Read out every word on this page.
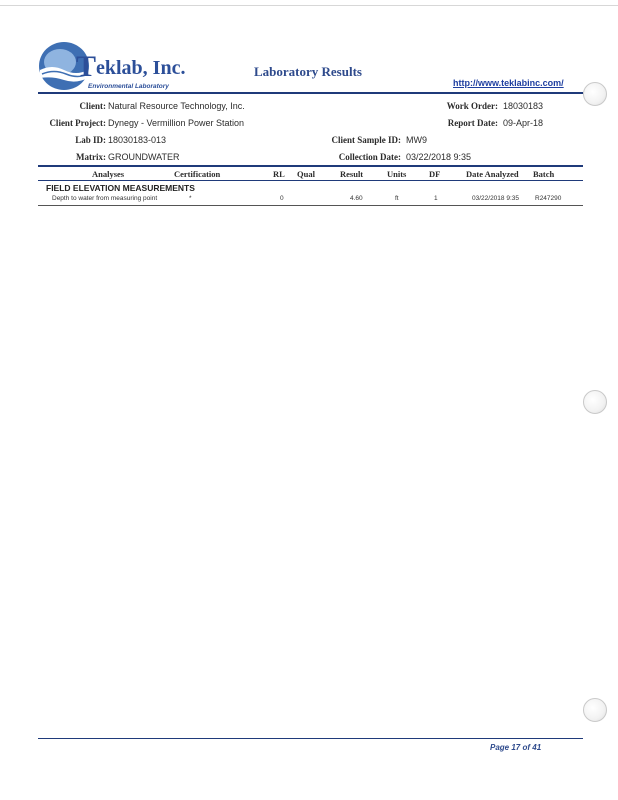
T eklab, Inc.
Environmental Laboratory
Laboratory Results
http://www.teklabinc.com/
Client: Natural Resource Technology, Inc.
Client Project: Dynegy - Vermillion Power Station
Lab ID: 18030183-013
Matrix: GROUNDWATER
Work Order: 18030183
Report Date: 09-Apr-18
Client Sample ID: MW9
Collection Date: 03/22/2018 9:35
Analyses	Certification	RL Qual	Result	Units	DF	Date Analyzed Batch
FIELD ELEVATION MEASUREMENTS
Depth to water from measuring point	*	0	4.60	ft	1	03/22/2018 9:35 R247290
Page 17 of 41
